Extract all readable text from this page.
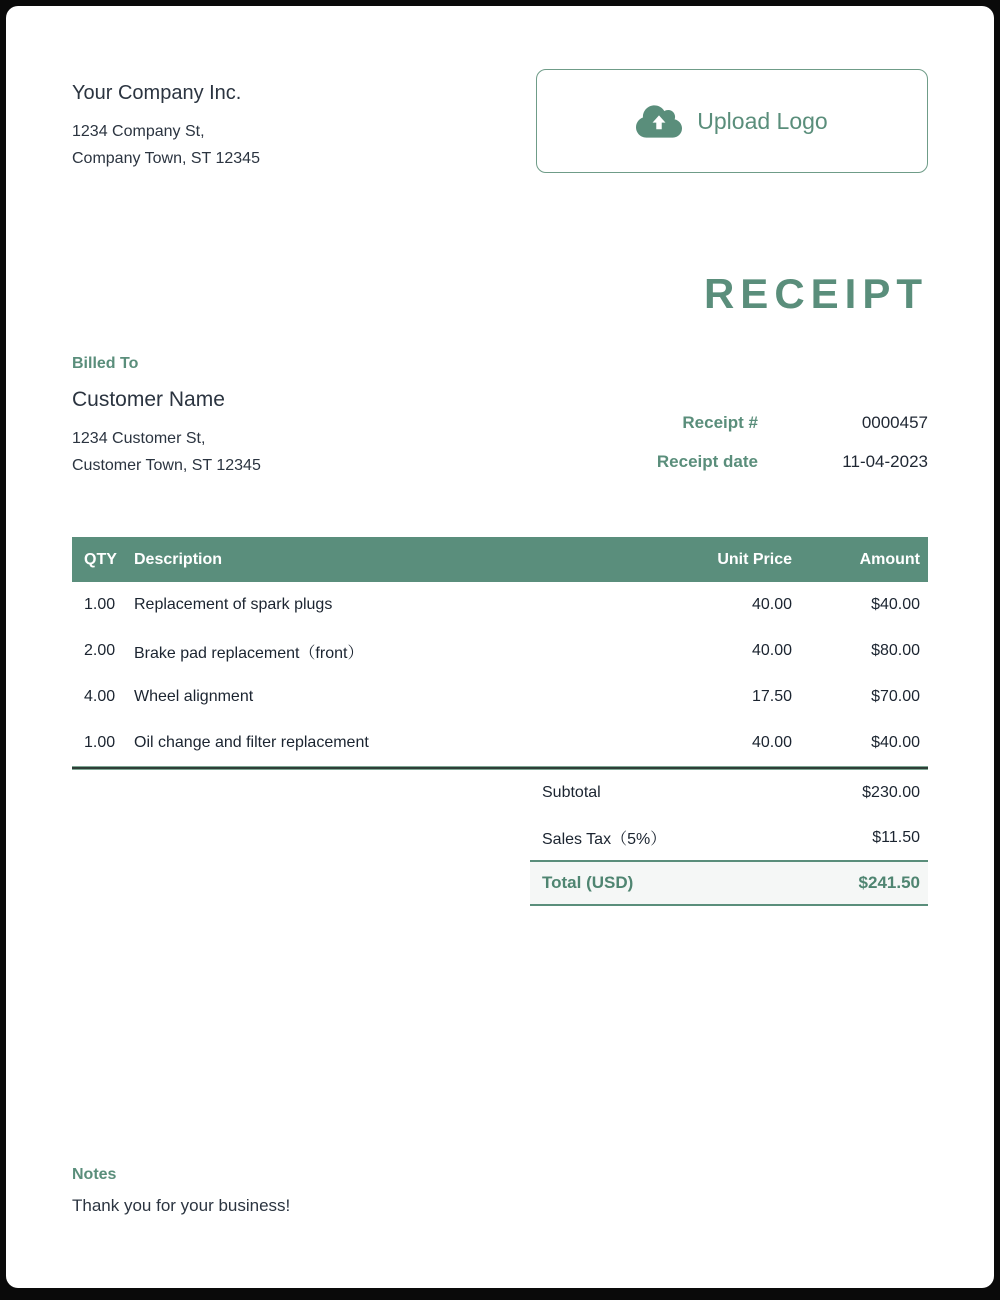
Your Company Inc.
1234 Company St,
Company Town, ST 12345
Upload Logo
RECEIPT
Billed To
Customer Name
1234 Customer St,
Customer Town, ST 12345
Receipt #	0000457
Receipt date	11-04-2023
QTY	Description	Unit Price	Amount
1.00	Replacement of spark plugs	40.00	$40.00
2.00	Brake pad replacement（front）	40.00	$80.00
4.00	Wheel alignment	17.50	$70.00
1.00	Oil change and filter replacement	40.00	$40.00
Subtotal	$230.00
Sales Tax（5%）	$11.50
Total (USD)	$241.50
Notes
Thank you for your business!
